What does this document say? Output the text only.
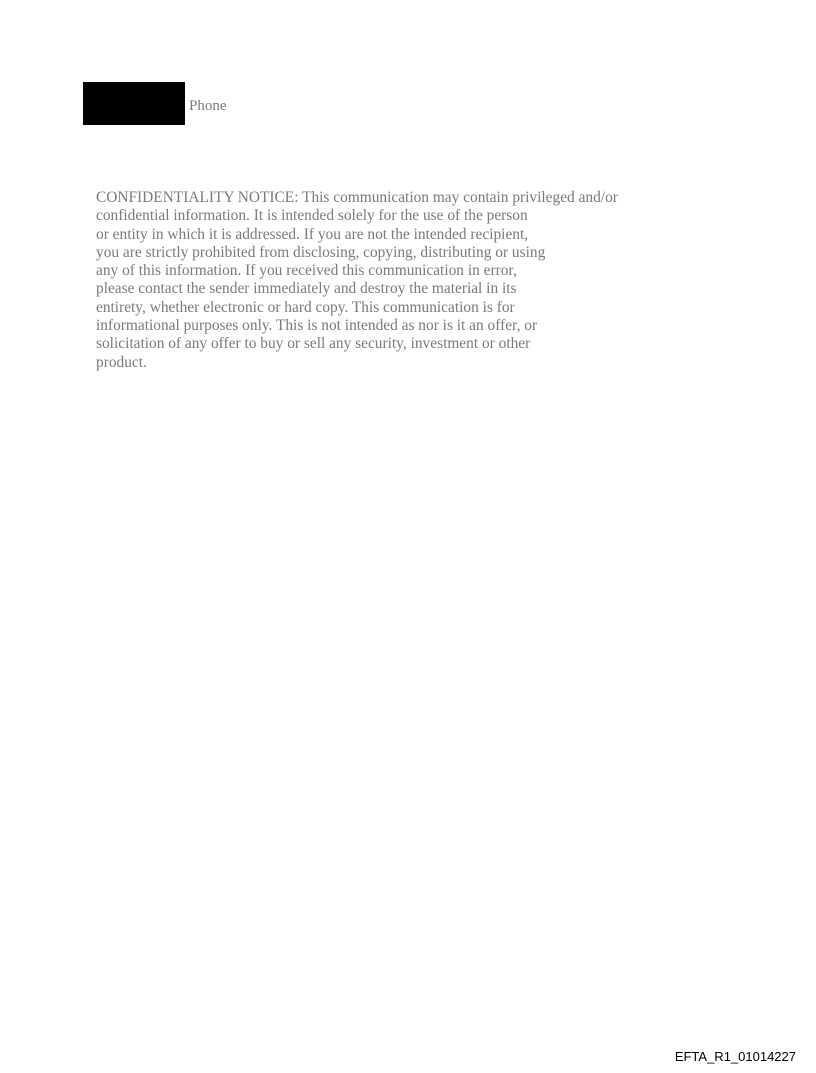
Phone
CONFIDENTIALITY NOTICE: This communication may contain privileged and/or
confidential information. It is intended solely for the use of the person
or entity in which it is addressed. If you are not the intended recipient,
you are strictly prohibited from disclosing, copying, distributing or using
any of this information. If you received this communication in error,
please contact the sender immediately and destroy the material in its
entirety, whether electronic or hard copy. This communication is for
informational purposes only. This is not intended as nor is it an offer, or
solicitation of any offer to buy or sell any security, investment or other
product.
EFTA_R1_01014227
